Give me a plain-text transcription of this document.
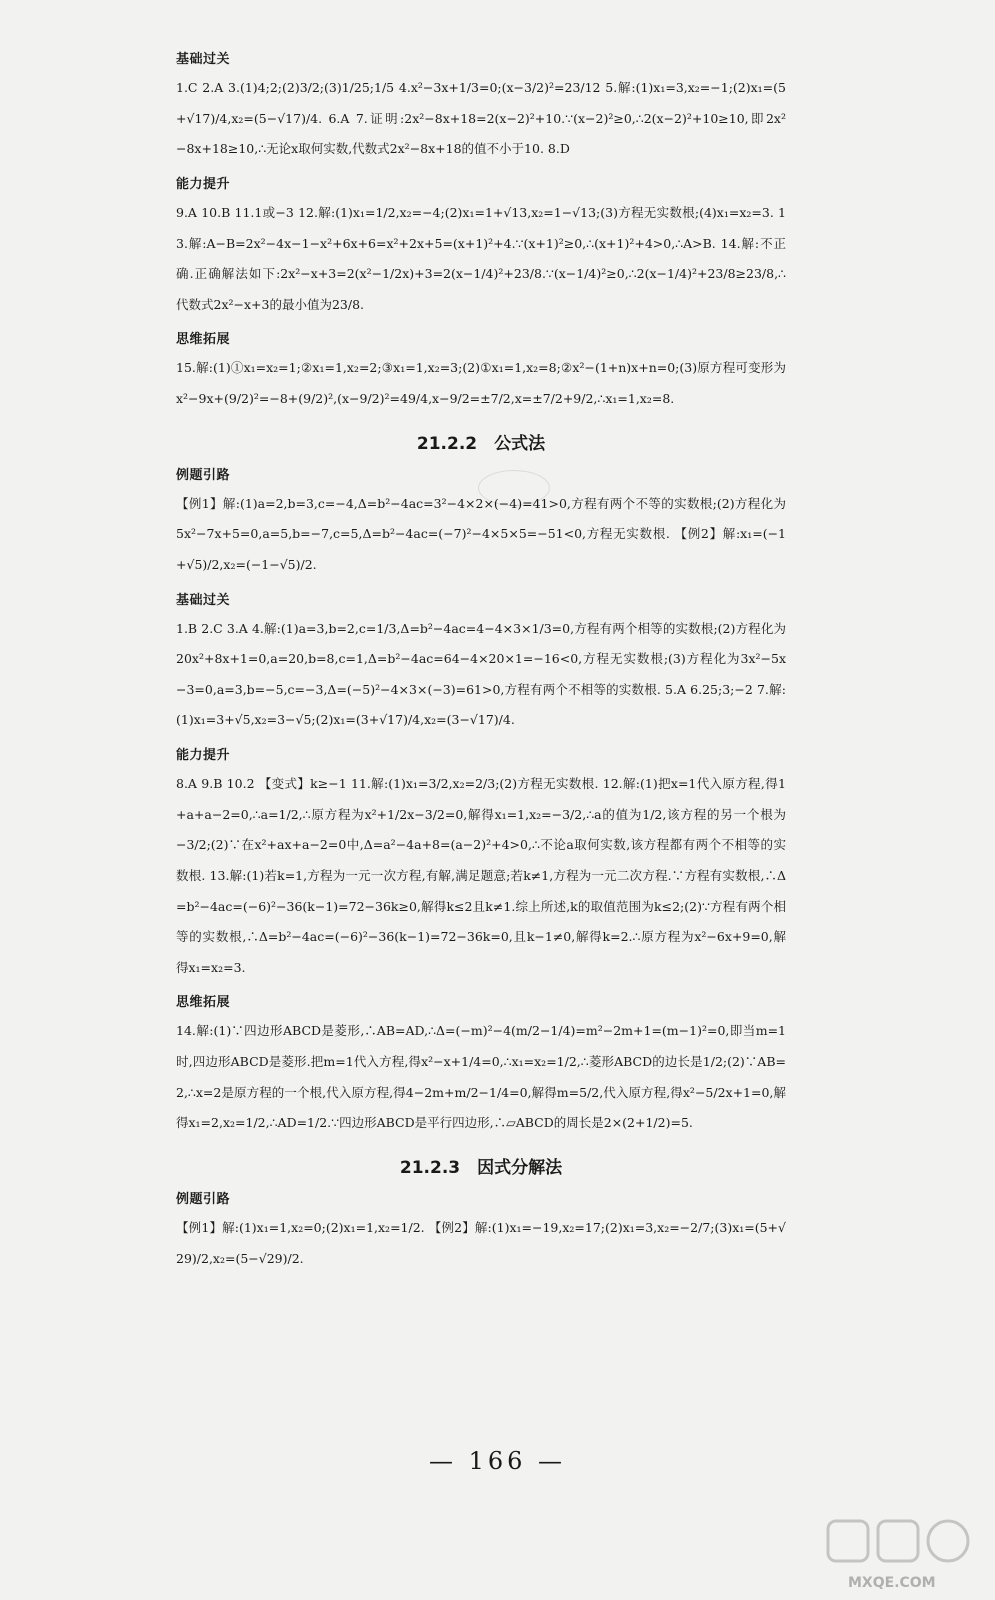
基础过关

1.C 2.A 3.(1)4;2;(2)3/2;(3)1/25;1/5 4.x²−3x+1/3=0;(x−3/2)²=23/12 5.解:(1)x₁=3,x₂=−1;(2)x₁=(5+√17)/4,x₂=(5−√17)/4. 6.A 7.证明:2x²−8x+18=2(x−2)²+10.∵(x−2)²≥0,∴2(x−2)²+10≥10,即2x²−8x+18≥10,∴无论x取何实数,代数式2x²−8x+18的值不小于10. 8.D

能力提升

9.A 10.B 11.1或−3 12.解:(1)x₁=1/2,x₂=−4;(2)x₁=1+√13,x₂=1−√13;(3)方程无实数根;(4)x₁=x₂=3. 13.解:A−B=2x²−4x−1−x²+6x+6=x²+2x+5=(x+1)²+4.∵(x+1)²≥0,∴(x+1)²+4>0,∴A>B. 14.解:不正确.正确解法如下:2x²−x+3=2(x²−1/2x)+3=2(x−1/4)²+23/8.∵(x−1/4)²≥0,∴2(x−1/4)²+23/8≥23/8,∴代数式2x²−x+3的最小值为23/8.

思维拓展

15.解:(1)①x₁=x₂=1;②x₁=1,x₂=2;③x₁=1,x₂=3;(2)①x₁=1,x₂=8;②x²−(1+n)x+n=0;(3)原方程可变形为x²−9x+(9/2)²=−8+(9/2)²,(x−9/2)²=49/4,x−9/2=±7/2,x=±7/2+9/2,∴x₁=1,x₂=8.

21.2.2　公式法
例题引路

【例1】解:(1)a=2,b=3,c=−4,Δ=b²−4ac=3²−4×2×(−4)=41>0,方程有两个不等的实数根;(2)方程化为5x²−7x+5=0,a=5,b=−7,c=5,Δ=b²−4ac=(−7)²−4×5×5=−51<0,方程无实数根. 【例2】解:x₁=(−1+√5)/2,x₂=(−1−√5)/2.

基础过关

1.B 2.C 3.A 4.解:(1)a=3,b=2,c=1/3,Δ=b²−4ac=4−4×3×1/3=0,方程有两个相等的实数根;(2)方程化为20x²+8x+1=0,a=20,b=8,c=1,Δ=b²−4ac=64−4×20×1=−16<0,方程无实数根;(3)方程化为3x²−5x−3=0,a=3,b=−5,c=−3,Δ=(−5)²−4×3×(−3)=61>0,方程有两个不相等的实数根. 5.A 6.25;3;−2 7.解:(1)x₁=3+√5,x₂=3−√5;(2)x₁=(3+√17)/4,x₂=(3−√17)/4.

能力提升

8.A 9.B 10.2 【变式】k≥−1 11.解:(1)x₁=3/2,x₂=2/3;(2)方程无实数根. 12.解:(1)把x=1代入原方程,得1+a+a−2=0,∴a=1/2,∴原方程为x²+1/2x−3/2=0,解得x₁=1,x₂=−3/2,∴a的值为1/2,该方程的另一个根为−3/2;(2)∵在x²+ax+a−2=0中,Δ=a²−4a+8=(a−2)²+4>0,∴不论a取何实数,该方程都有两个不相等的实数根. 13.解:(1)若k=1,方程为一元一次方程,有解,满足题意;若k≠1,方程为一元二次方程.∵方程有实数根,∴Δ=b²−4ac=(−6)²−36(k−1)=72−36k≥0,解得k≤2且k≠1.综上所述,k的取值范围为k≤2;(2)∵方程有两个相等的实数根,∴Δ=b²−4ac=(−6)²−36(k−1)=72−36k=0,且k−1≠0,解得k=2.∴原方程为x²−6x+9=0,解得x₁=x₂=3.

思维拓展

14.解:(1)∵四边形ABCD是菱形,∴AB=AD,∴Δ=(−m)²−4(m/2−1/4)=m²−2m+1=(m−1)²=0,即当m=1时,四边形ABCD是菱形.把m=1代入方程,得x²−x+1/4=0,∴x₁=x₂=1/2,∴菱形ABCD的边长是1/2;(2)∵AB=2,∴x=2是原方程的一个根,代入原方程,得4−2m+m/2−1/4=0,解得m=5/2,代入原方程,得x²−5/2x+1=0,解得x₁=2,x₂=1/2,∴AD=1/2.∵四边形ABCD是平行四边形,∴▱ABCD的周长是2×(2+1/2)=5.

21.2.3　因式分解法
例题引路

【例1】解:(1)x₁=1,x₂=0;(2)x₁=1,x₂=1/2. 【例2】解:(1)x₁=−19,x₂=17;(2)x₁=3,x₂=−2/7;(3)x₁=(5+√29)/2,x₂=(5−√29)/2.

— 166 —
MXQE.COM
